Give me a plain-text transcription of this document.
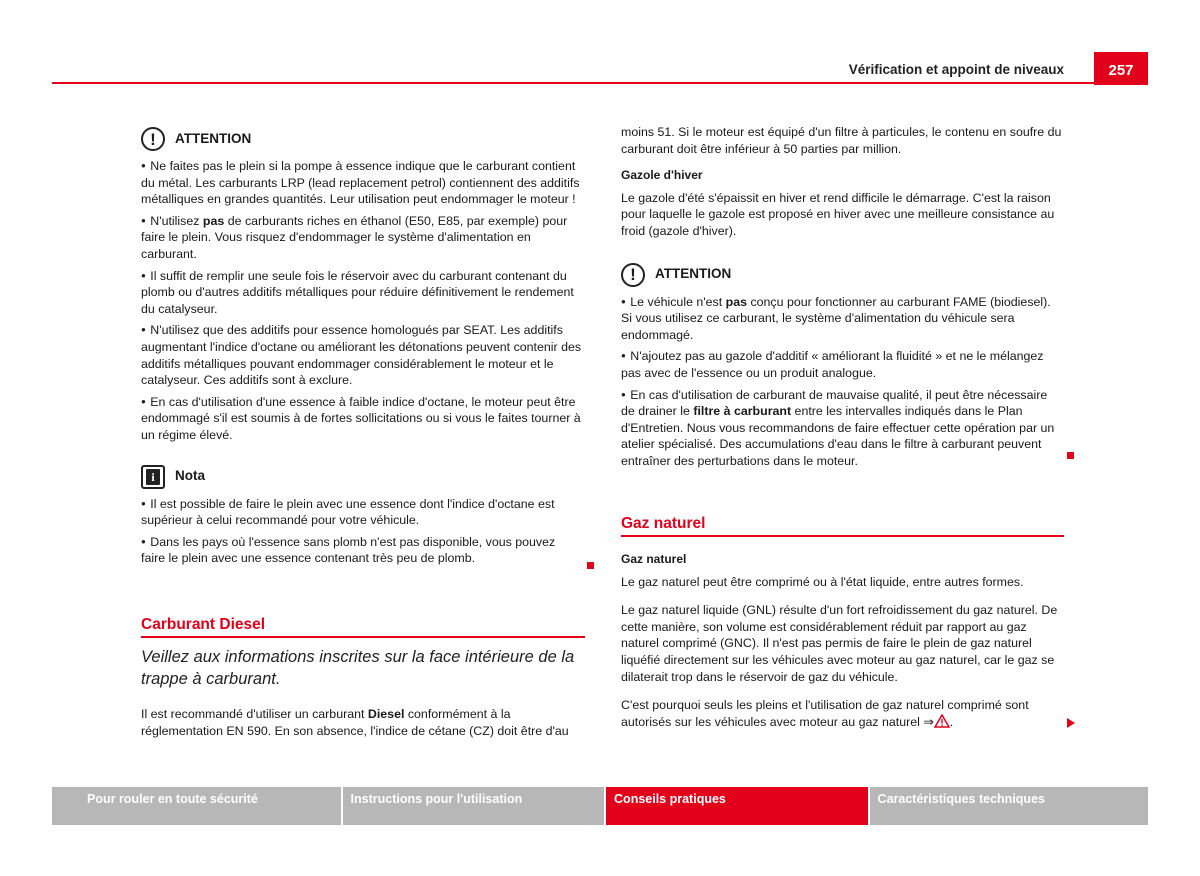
Vérification et appoint de niveaux	257
!	ATTENTION

●  Ne faites pas le plein si la pompe à essence indique que le carburant contient du métal. Les carburants LRP (lead replacement petrol) contiennent des additifs métalliques en grandes quantités. Leur utilisation peut endommager le moteur !

●  N'utilisez pas de carburants riches en éthanol (E50, E85, par exemple) pour faire le plein. Vous risquez d'endommager le système d'alimentation en carburant.

●  Il suffit de remplir une seule fois le réservoir avec du carburant contenant du plomb ou d'autres additifs métalliques pour réduire définitivement le rendement du catalyseur.

●  N'utilisez que des additifs pour essence homologués par SEAT. Les additifs augmentant l'indice d'octane ou améliorant les détonations peuvent contenir des additifs métalliques pouvant endommager considérablement le moteur et le catalyseur. Ces additifs sont à exclure.

●  En cas d'utilisation d'une essence à faible indice d'octane, le moteur peut être endommagé s'il est soumis à de fortes sollicitations ou si vous le faites tourner à un régime élevé.

i	Nota

●  Il est possible de faire le plein avec une essence dont l'indice d'octane est supérieur à celui recommandé pour votre véhicule.

●  Dans les pays où l'essence sans plomb n'est pas disponible, vous pouvez faire le plein avec une essence contenant très peu de plomb.

Carburant Diesel

Veillez aux informations inscrites sur la face intérieure de la trappe à carburant.

Il est recommandé d'utiliser un carburant Diesel conformément à la réglementation EN 590. En son absence, l'indice de cétane (CZ) doit être d'au

moins 51. Si le moteur est équipé d'un filtre à particules, le contenu en soufre du carburant doit être inférieur à 50 parties par million.

Gazole d'hiver

Le gazole d'été s'épaissit en hiver et rend difficile le démarrage. C'est la raison pour laquelle le gazole est proposé en hiver avec une meilleure consistance au froid (gazole d'hiver).

!	ATTENTION

●  Le véhicule n'est pas conçu pour fonctionner au carburant FAME (biodiesel). Si vous utilisez ce carburant, le système d'alimentation du véhicule sera endommagé.

●  N'ajoutez pas au gazole d'additif « améliorant la fluidité » et ne le mélangez pas avec de l'essence ou un produit analogue.

●  En cas d'utilisation de carburant de mauvaise qualité, il peut être nécessaire de drainer le filtre à carburant entre les intervalles indiqués dans le Plan d'Entretien. Nous vous recommandons de faire effectuer cette opération par un atelier spécialisé. Des accumulations d'eau dans le filtre à carburant peuvent entraîner des perturbations dans le moteur.

Gaz naturel

Gaz naturel

Le gaz naturel peut être comprimé ou à l'état liquide, entre autres formes.

Le gaz naturel liquide (GNL) résulte d'un fort refroidissement du gaz naturel. De cette manière, son volume est considérablement réduit par rapport au gaz naturel comprimé (GNC). Il n'est pas permis de faire le plein de gaz naturel liquéfié directement sur les véhicules avec moteur au gaz naturel, car le gaz se dilaterait trop dans le réservoir de gaz du véhicule.

C'est pourquoi seuls les pleins et l'utilisation de gaz naturel comprimé sont autorisés sur les véhicules avec moteur au gaz naturel ⇒ .

Pour rouler en toute sécurité	Instructions pour l'utilisation	Conseils pratiques	Caractéristiques techniques
